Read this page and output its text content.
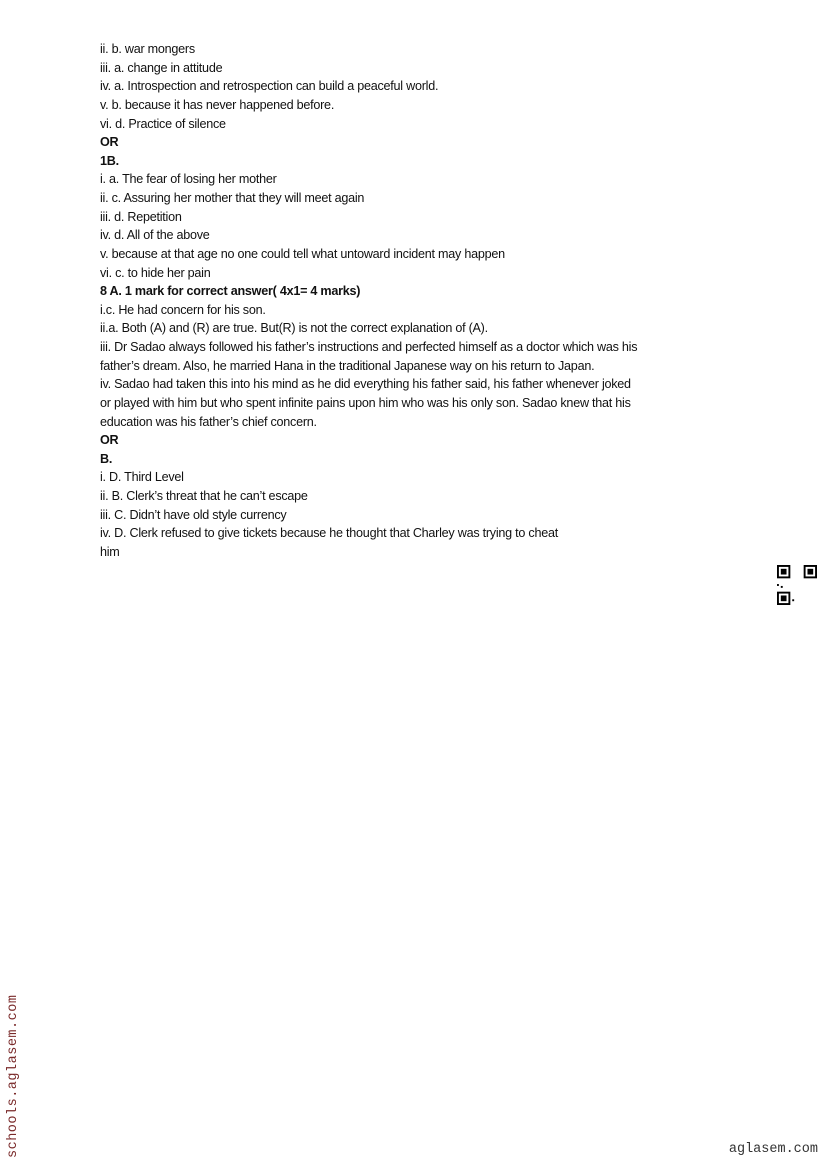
ii. b. war mongers
iii. a. change in attitude
iv. a. Introspection and retrospection can build a peaceful world.
v. b. because it has never happened before.
vi. d. Practice of silence
OR
1B.
i. a. The fear of losing her mother
ii. c. Assuring her mother that they will meet again
iii. d. Repetition
iv. d. All of the above
v. because at that age no one could tell what untoward incident may happen
vi. c. to hide her pain
8 A. 1 mark for correct answer( 4x1= 4 marks)
i.c. He had concern for his son.
ii.a. Both (A) and (R) are true. But(R) is not the correct explanation of (A).
iii. Dr Sadao always followed his father’s instructions and perfected himself as a doctor which was his
father’s dream. Also, he married Hana in the traditional Japanese way on his return to Japan.
iv. Sadao had taken this into his mind as he did everything his father said, his father whenever joked
or played with him but who spent infinite pains upon him who was his only son. Sadao knew that his
education was his father’s chief concern.
OR
B.
i. D. Third Level
ii. B. Clerk’s threat that he can’t escape
iii. C. Didn’t have old style currency
iv. D. Clerk refused to give tickets because he thought that Charley was trying to cheat
him
schools.aglasem.com	aglasem.com
